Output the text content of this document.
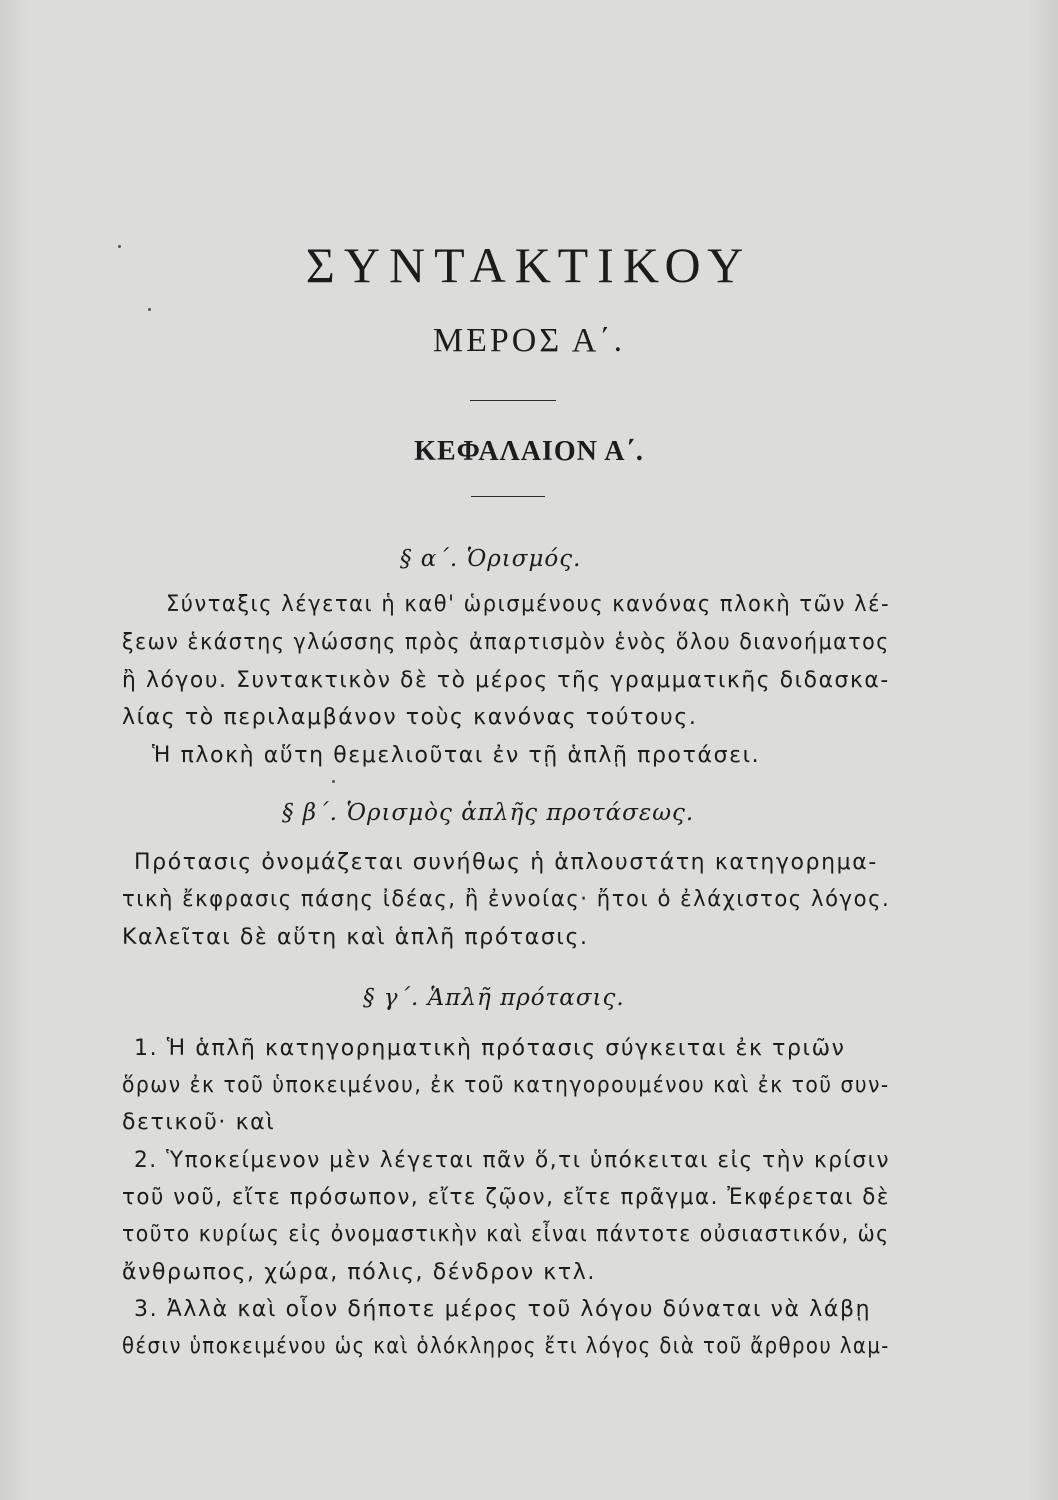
ΣΥΝΤΑΚΤΙΚΟΥ
ΜΕΡΟΣ Α΄.
ΚΕΦΑΛΑΙΟΝ Α΄.
§ α΄. Ὁρισμός.
Σύνταξις λέγεται ἡ καθ' ὡρισμένους κανόνας πλοκὴ τῶν λέ-
ξεων ἑκάστης γλώσσης πρὸς ἀπαρτισμὸν ἑνὸς ὅλου διανοήματος
ἢ λόγου. Συντακτικὸν δὲ τὸ μέρος τῆς γραμματικῆς διδασκα-
λίας τὸ περιλαμβάνον τοὺς κανόνας τούτους.
Ἡ πλοκὴ αὕτη θεμελιοῦται ἐν τῇ ἁπλῇ προτάσει.
§ β΄. Ὁρισμὸς ἁπλῆς προτάσεως.
Πρότασις ὀνομάζεται συνήθως ἡ ἁπλουστάτη κατηγορημα-
τικὴ ἔκφρασις πάσης ἰδέας, ἢ ἐννοίας· ἤτοι ὁ ἐλάχιστος λόγος.
Καλεῖται δὲ αὕτη καὶ ἁπλῆ πρότασις.
§ γ΄. Ἁπλῆ πρότασις.
1. Ἡ ἁπλῆ κατηγορηματικὴ πρότασις σύγκειται ἐκ τριῶν
ὅρων ἐκ τοῦ ὑποκειμένου, ἐκ τοῦ κατηγορουμένου καὶ ἐκ τοῦ συν-
δετικοῦ· καὶ
2. Ὑποκείμενον μὲν λέγεται πᾶν ὅ,τι ὑπόκειται εἰς τὴν κρίσιν
τοῦ νοῦ, εἴτε πρόσωπον, εἴτε ζῷον, εἴτε πρᾶγμα. Ἐκφέρεται δὲ
τοῦτο κυρίως εἰς ὀνομαστικὴν καὶ εἶναι πάντοτε οὐσιαστικόν, ὡς
ἄνθρωπος, χώρα, πόλις, δένδρον κτλ.
3. Ἀλλὰ καὶ οἷον δήποτε μέρος τοῦ λόγου δύναται νὰ λάβῃ
θέσιν ὑποκειμένου ὡς καὶ ὁλόκληρος ἔτι λόγος διὰ τοῦ ἄρθρου λαμ-
